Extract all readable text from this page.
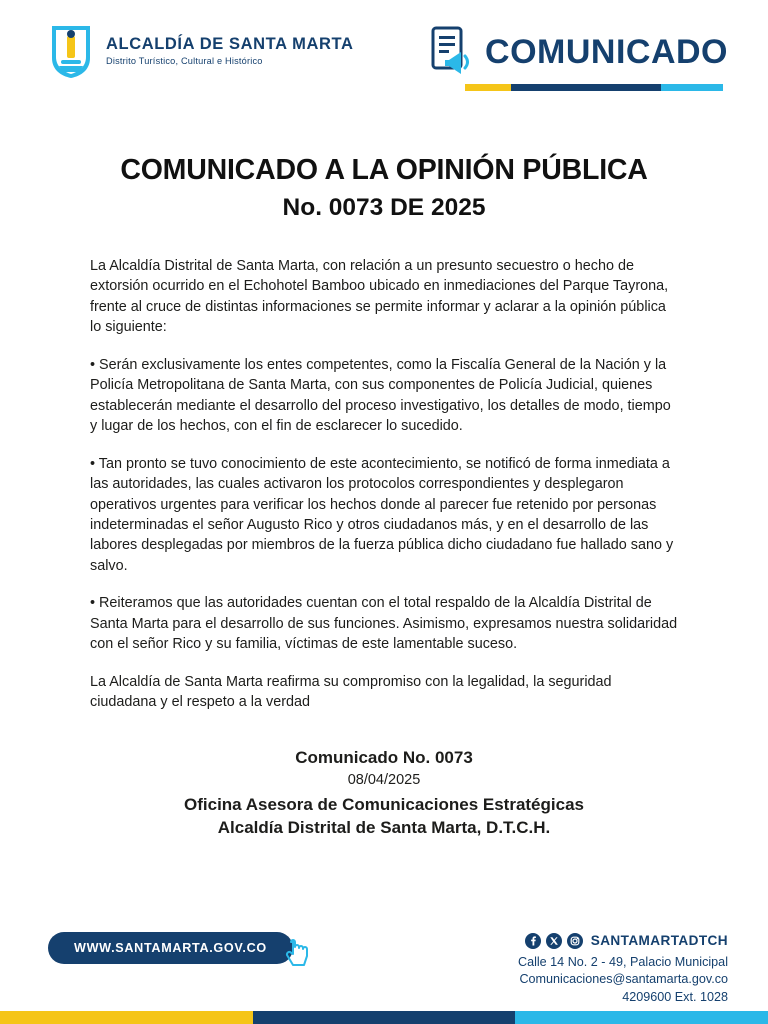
ALCALDÍA DE SANTA MARTA
Distrito Turístico, Cultural e Histórico	COMUNICADO
COMUNICADO A LA OPINIÓN PÚBLICA
No. 0073 DE 2025

La Alcaldía Distrital de Santa Marta, con relación a un presunto secuestro o hecho de extorsión ocurrido en el Echohotel Bamboo ubicado en inmediaciones del Parque Tayrona, frente al cruce de distintas informaciones se permite informar y aclarar a la opinión pública lo siguiente:

• Serán exclusivamente los entes competentes, como la Fiscalía General de la Nación y la Policía Metropolitana de Santa Marta, con sus componentes de Policía Judicial, quienes establecerán mediante el desarrollo del proceso investigativo, los detalles de modo, tiempo y lugar de los hechos, con el fin de esclarecer lo sucedido.

• Tan pronto se tuvo conocimiento de este acontecimiento, se notificó de forma inmediata a las autoridades, las cuales activaron los protocolos correspondientes y desplegaron operativos urgentes para verificar los hechos donde al parecer fue retenido por personas indeterminadas el señor Augusto Rico y otros ciudadanos más, y en el desarrollo de las labores desplegadas por miembros de la fuerza pública dicho ciudadano fue hallado sano y salvo.

• Reiteramos que las autoridades cuentan con el total respaldo de la Alcaldía Distrital de Santa Marta para el desarrollo de sus funciones. Asimismo, expresamos nuestra solidaridad con el señor Rico y su familia, víctimas de este lamentable suceso.

La Alcaldía de Santa Marta reafirma su compromiso con la legalidad, la seguridad ciudadana y el respeto a la verdad

Comunicado No. 0073
08/04/2025
Oficina Asesora de Comunicaciones Estratégicas
Alcaldía Distrital de Santa Marta, D.T.C.H.
WWW.SANTAMARTA.GOV.CO	SANTAMARTADTCH
Calle 14 No. 2 - 49, Palacio Municipal
Comunicaciones@santamarta.gov.co
4209600 Ext. 1028
